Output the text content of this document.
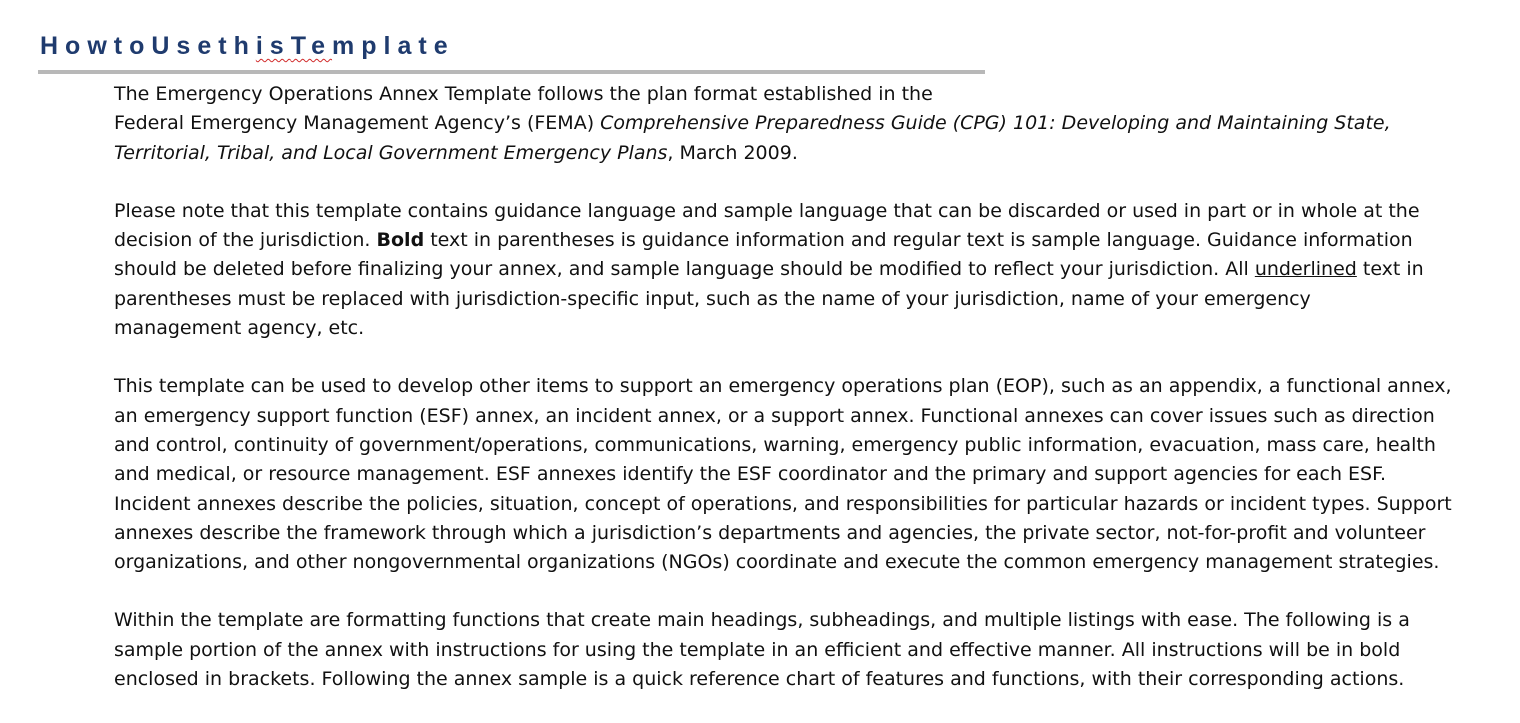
HowtoUsethisTemplate

The Emergency Operations Annex Template follows the plan format established in the
Federal Emergency Management Agency’s (FEMA) Comprehensive Preparedness Guide (CPG) 101: Developing and Maintaining State,
Territorial, Tribal, and Local Government Emergency Plans, March 2009.

Please note that this template contains guidance language and sample language that can be discarded or used in part or in whole at the
decision of the jurisdiction. Bold text in parentheses is guidance information and regular text is sample language. Guidance information
should be deleted before finalizing your annex, and sample language should be modified to reflect your jurisdiction. All underlined text in
parentheses must be replaced with jurisdiction-specific input, such as the name of your jurisdiction, name of your emergency
management agency, etc.

This template can be used to develop other items to support an emergency operations plan (EOP), such as an appendix, a functional annex,
an emergency support function (ESF) annex, an incident annex, or a support annex. Functional annexes can cover issues such as direction
and control, continuity of government/operations, communications, warning, emergency public information, evacuation, mass care, health
and medical, or resource management. ESF annexes identify the ESF coordinator and the primary and support agencies for each ESF.
Incident annexes describe the policies, situation, concept of operations, and responsibilities for particular hazards or incident types. Support
annexes describe the framework through which a jurisdiction’s departments and agencies, the private sector, not-for-profit and volunteer
organizations, and other nongovernmental organizations (NGOs) coordinate and execute the common emergency management strategies.

Within the template are formatting functions that create main headings, subheadings, and multiple listings with ease. The following is a
sample portion of the annex with instructions for using the template in an efficient and effective manner. All instructions will be in bold
enclosed in brackets. Following the annex sample is a quick reference chart of features and functions, with their corresponding actions.
